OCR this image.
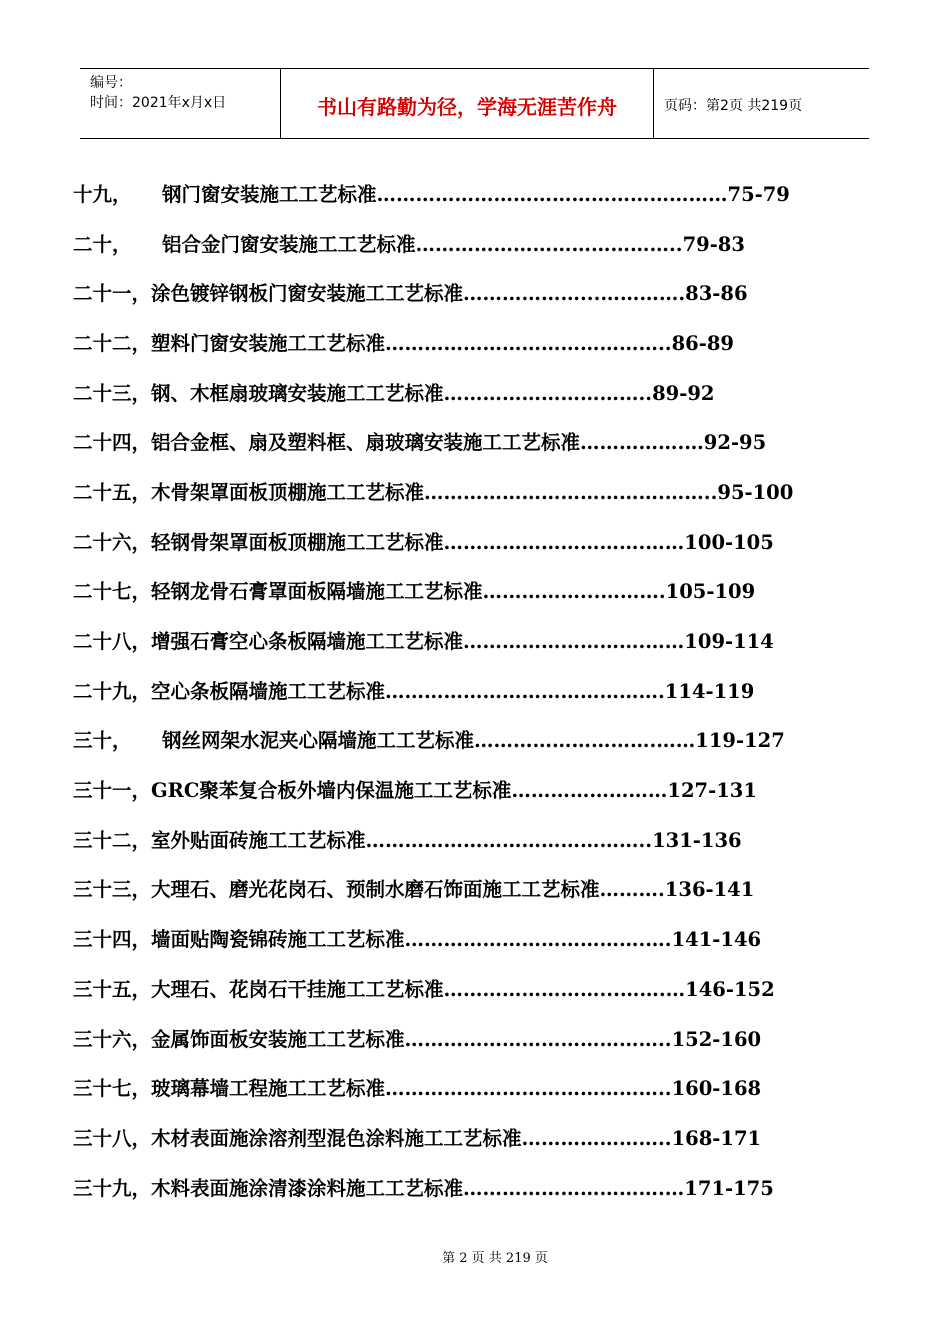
编号：
时间：2021年x月x日	书山有路勤为径，学海无涯苦作舟	页码：第2页 共219页
十九，	钢门窗安装施工工艺标准………………………………………………75-79
二十，	铝合金门窗安装施工工艺标准…………………………………..79-83
二十一， 涂色镀锌钢板门窗安装施工工艺标准………………...………….83-86
二十二， 塑料门窗安装施工工艺标准……………………………………..86-89
二十三， 钢、木框扇玻璃安装施工工艺标准…………………………..89-92
二十四， 铝合金框、扇及塑料框、扇玻璃安装施工工艺标准…………….…92-95
二十五， 木骨架罩面板顶棚施工工艺标准……………………………….……..95-100
二十六， 轻钢骨架罩面板顶棚施工工艺标准………………………….……100-105
二十七， 轻钢龙骨石膏罩面板隔墙施工工艺标准……………...……….105-109
二十八， 增强石膏空心条板隔墙施工工艺标准……………………….……109-114
二十九， 空心条板隔墙施工工艺标准…………………………………….114-119
三十，	钢丝网架水泥夹心隔墙施工工艺标准……………………….……119-127
三十一， GRC聚苯复合板外墙内保温施工工艺标准……………………127-131
三十二， 室外贴面砖施工工艺标准……………………………………..131-136
三十三， 大理石、磨光花岗石、预制水磨石饰面施工工艺标准……….136-141
三十四， 墙面贴陶瓷锦砖施工工艺标准……………………………….….141-146
三十五， 大理石、花岗石干挂施工工艺标准……………………...…….…146-152
三十六， 金属饰面板安装施工工艺标准…………………………………..152-160
三十七， 玻璃幕墙工程施工工艺标准……………………………………..160-168
三十八， 木材表面施涂溶剂型混色涂料施工工艺标准…………………..168-171
三十九， 木料表面施涂清漆涂料施工工艺标准………………………….…171-175
第 2 页 共 219 页
